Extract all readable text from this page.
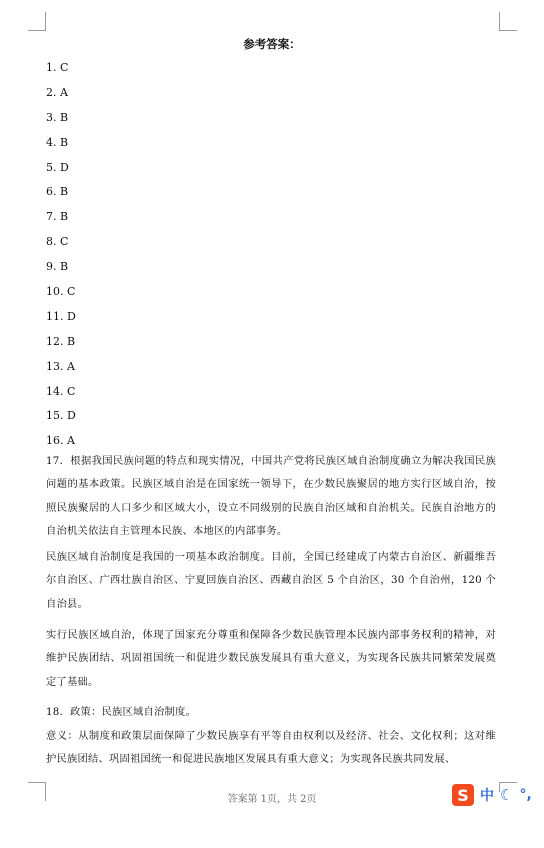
参考答案：
1. C
2. A
3. B
4. B
5. D
6. B
7. B
8. C
9. B
10. C
11. D
12. B
13. A
14. C
15. D
16. A
17．根据我国民族问题的特点和现实情况，中国共产党将民族区域自治制度确立为解决我国民族问题的基本政策。民族区域自治是在国家统一领导下，在少数民族聚居的地方实行区域自治，按照民族聚居的人口多少和区域大小，设立不同级别的民族自治区域和自治机关。民族自治地方的自治机关依法自主管理本民族、本地区的内部事务。
民族区域自治制度是我国的一项基本政治制度。目前，全国已经建成了内蒙古自治区、新疆维吾尔自治区、广西壮族自治区、宁夏回族自治区、西藏自治区 5 个自治区，30 个自治州，120 个自治县。
实行民族区域自治，体现了国家充分尊重和保障各少数民族管理本民族内部事务权利的精神，对维护民族团结、巩固祖国统一和促进少数民族发展具有重大意义，为实现各民族共同繁荣发展奠定了基础。
18．政策：民族区域自治制度。
意义：从制度和政策层面保障了少数民族享有平等自由权利以及经济、社会、文化权利；这对维护民族团结、巩固祖国统一和促进民族地区发展具有重大意义；为实现各民族共同发展、
答案第 1页，共 2页	S 中 ☾ °,
